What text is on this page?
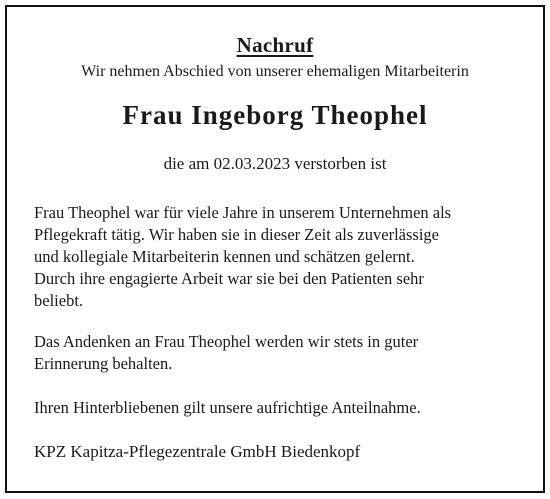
Nachruf
Wir nehmen Abschied von unserer ehemaligen Mitarbeiterin
Frau Ingeborg Theophel
die am 02.03.2023 verstorben ist

Frau Theophel war für viele Jahre in unserem Unternehmen als
Pflegekraft tätig. Wir haben sie in dieser Zeit als zuverlässige
und kollegiale Mitarbeiterin kennen und schätzen gelernt.
Durch ihre engagierte Arbeit war sie bei den Patienten sehr
beliebt.

Das Andenken an Frau Theophel werden wir stets in guter
Erinnerung behalten.

Ihren Hinterbliebenen gilt unsere aufrichtige Anteilnahme.

KPZ Kapitza-Pflegezentrale GmbH Biedenkopf
